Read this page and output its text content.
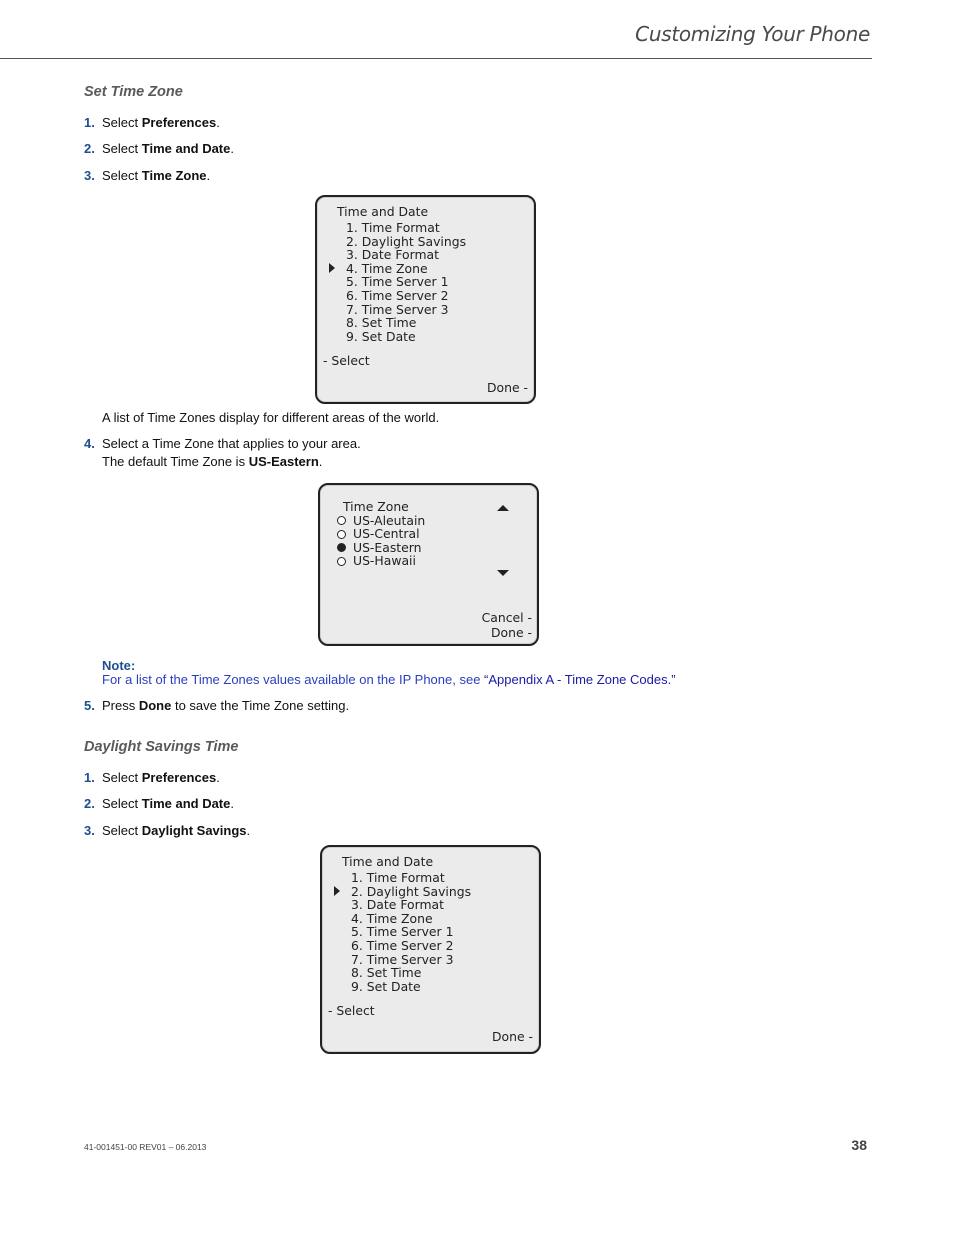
Customizing Your Phone
Set Time Zone
1. Select Preferences.
2. Select Time and Date.
3. Select Time Zone.
Time and Date
1. Time Format
2. Daylight Savings
3. Date Format
4. Time Zone
5. Time Server 1
6. Time Server 2
7. Time Server 3
8. Set Time
9. Set Date
- Select
Done -
A list of Time Zones display for different areas of the world.
4. Select a Time Zone that applies to your area.
The default Time Zone is US-Eastern.
Time Zone
US-Aleutain
US-Central
US-Eastern
US-Hawaii
Cancel -
Done -
Note:
For a list of the Time Zones values available on the IP Phone, see “Appendix A - Time Zone Codes.”
5. Press Done to save the Time Zone setting.
Daylight Savings Time
1. Select Preferences.
2. Select Time and Date.
3. Select Daylight Savings.
Time and Date
1. Time Format
2. Daylight Savings
3. Date Format
4. Time Zone
5. Time Server 1
6. Time Server 2
7. Time Server 3
8. Set Time
9. Set Date
- Select
Done -
41-001451-00 REV01 – 06.2013	38
